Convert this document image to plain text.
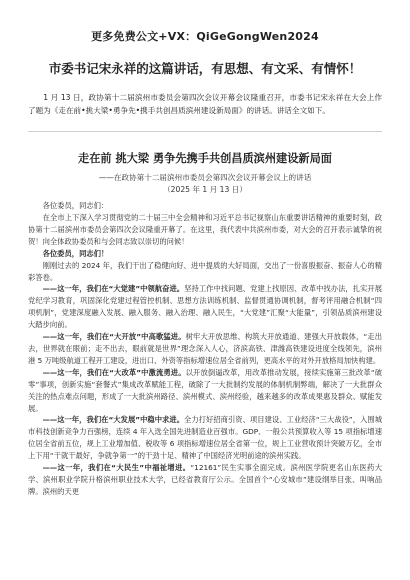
更多免费公文+VX：QiGeGongWen2024
市委书记宋永祥的这篇讲话，有思想、有文采、有情怀！
1 月 13 日，政协第十二届滨州市委员会第四次会议开幕会议隆重召开，市委书记宋永祥在大会上作了题为《走在前•挑大梁•勇争先•携手共创昌质滨州建设新局面》的讲话。讲话全文如下。
走在前 挑大梁 勇争先携手共创昌质滨州建设新局面
——在政协第十二届滨州市委员会第四次会议开幕会议上的讲话
（2025 年 1 月 13 日）
各位委员，同志们：
在全市上下深入学习贯彻党的二十届三中全会精神和习近平总书记视察山东重要讲话精神的重要时刻，政协第十二届滨州市委员会第四次会议隆重开幕了。在这里，我代表中共滨州市委，对大会的召开表示诚挚的祝贺！向全体政协委员和与会同志致以崇切的问候！
各位委员，同志们！
刚刚过去的 2024 年，我们干出了稳健向好、进中提质的大好局面，交出了一份喜殷振奋、振奋人心的精彩答卷。
——这一年，我们在“大觉建”中领航奋进。坚持工作中找问题、党建上找原因、改革中找办法，扎实开展党纪学习教育，巩固深化党建过程管控机制、思想方法训练机制、监督贯通协调机制，督考评用融合机制“四项机制”，党建深度融入发展、融入服务、融入治理、融入民生，“大党建”汇聚“大能量”，引领品质滨州建设大踏步向前。
——这一年，我们在“大开放”中高歌猛进。树牢大开放思维、构筑大开放通道、建强大开放载体，“走出去，世界就在眼前；走不出去，眼前就是世界”理念深入人心，济滨高铁、津潍高铁建设进度全线领先，滨州港 5 万吨级航道工程开工建设，进出口、外资等指标增速位居全省前列，更高水平的对外开放格局加快构建。
——这一年，我们在“大改革”中激流勇进。以开放倒逼改革，用改革推动发展，接续实施第三批改革“破零”事项，创新实施“套餐式”集成改革赋能工程，破除了一大批制约发展的体制机制弊端，解决了一大批群众关注的热点难点问题，形成了一大批滨州路径、滨州模式、滨州经验，越来越多的改革成果惠及群众、赋能发展。
——这一年，我们在“大发展”中稳中求进。全力打好招商引资、项目建设、工业经济“三大战役”，入围城市科技创新竞争力百强榜，连续 4 年入选全国先进制造业百强市。GDP、一般公共预算收入等 15 项指标增速位居全省前五位，规上工业增加值、税收等 6 项指标增速位居全省第一位，规上工业营收预计突破万亿，全市上下用“干就干最好，争就争第一”的干劲十足、精神了中国经济光明前途的滨州实践。
——这一年，我们在“大民生”中福祉增进。“12161”民生实事全面完成。滨州医学院更名山东医药大学、滨州职业学院升格滨州职业技术大学，已经省教育厅公示。全国首个“心安城市”建设纲举目张、叫响品牌。滨州的天更
